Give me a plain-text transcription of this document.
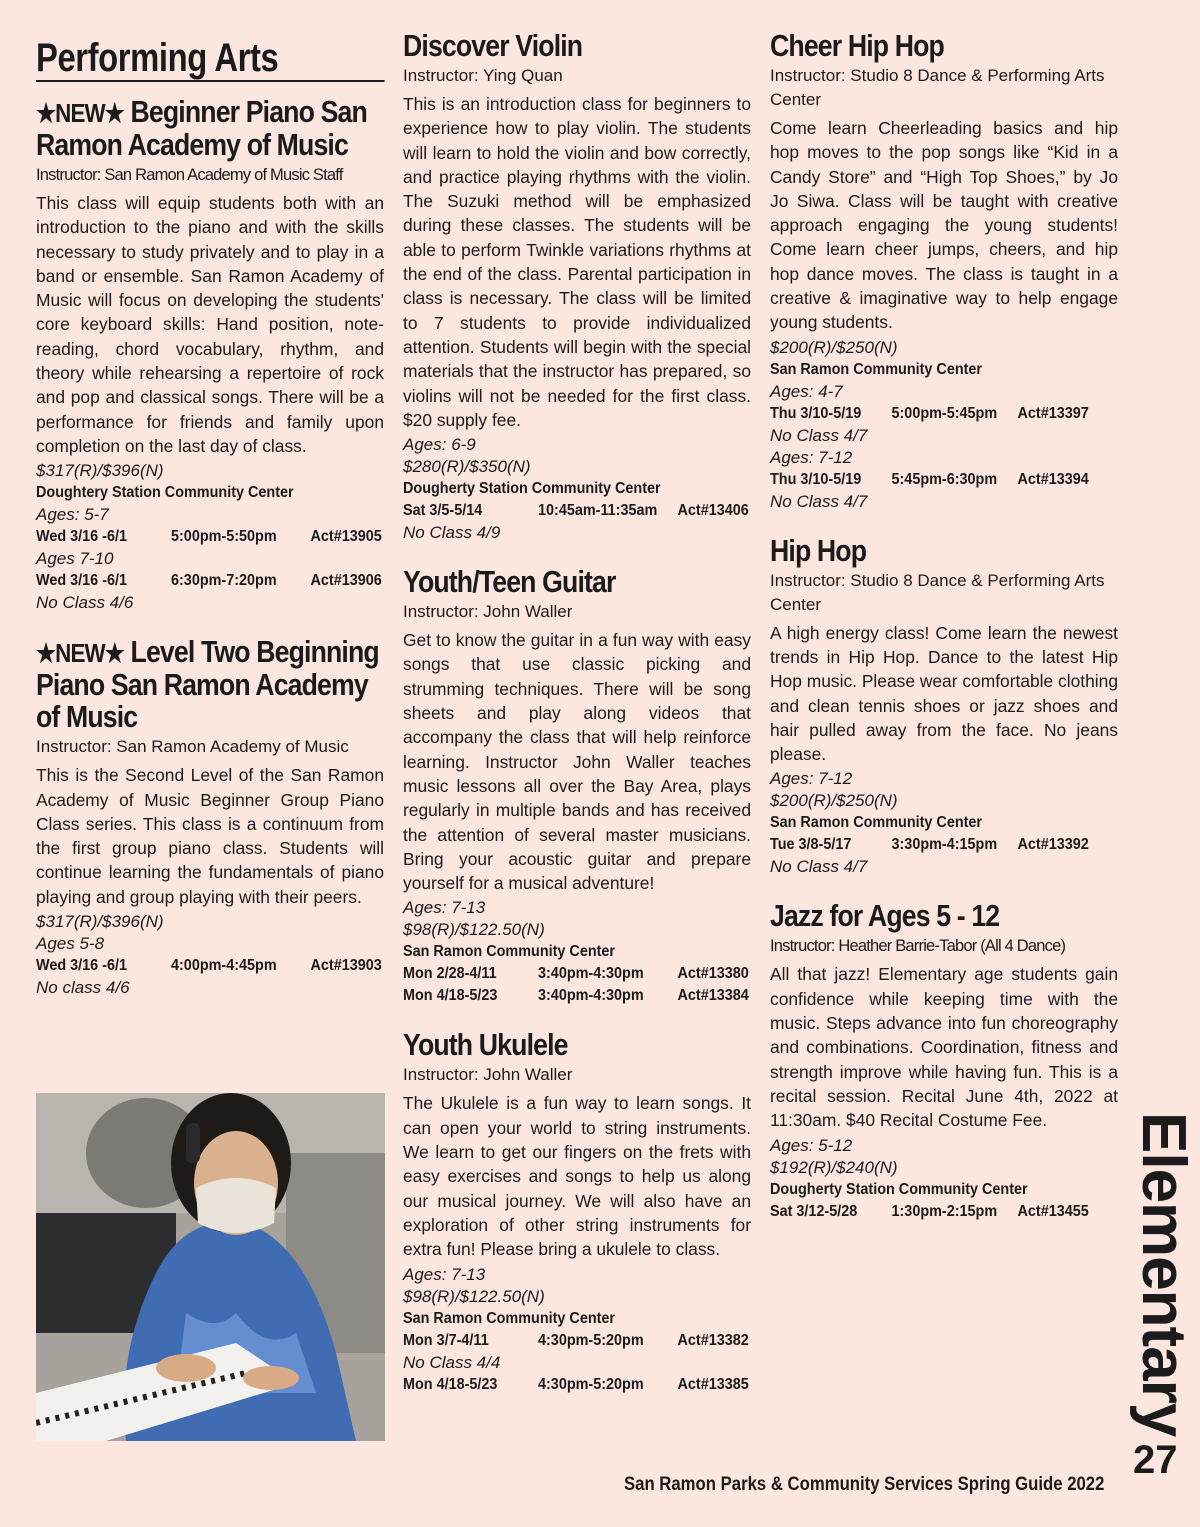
Performing Arts
★NEW★ Beginner Piano San Ramon Academy of Music
Instructor: San Ramon Academy of Music Staff
This class will equip students both with an introduction to the piano and with the skills necessary to study privately and to play in a band or ensemble. San Ramon Academy of Music will focus on developing the students' core keyboard skills: Hand position, note-reading, chord vocabulary, rhythm, and theory while rehearsing a repertoire of rock and pop and classical songs. There will be a performance for friends and family upon completion on the last day of class.
$317(R)/$396(N)
Doughtery Station Community Center
Ages: 5-7
Wed 3/16 -6/1	5:00pm-5:50pm	Act#13905
Ages 7-10
Wed 3/16 -6/1	6:30pm-7:20pm	Act#13906
No Class 4/6
★NEW★ Level Two Beginning Piano San Ramon Academy of Music
Instructor: San Ramon Academy of Music
This is the Second Level of the San Ramon Academy of Music Beginner Group Piano Class series. This class is a continuum from the first group piano class. Students will continue learning the fundamentals of piano playing and group playing with their peers.
$317(R)/$396(N)
Ages 5-8
Wed 3/16 -6/1	4:00pm-4:45pm	Act#13903
No class 4/6
Discover Violin
Instructor: Ying Quan
This is an introduction class for beginners to experience how to play violin. The students will learn to hold the violin and bow correctly, and practice playing rhythms with the violin. The Suzuki method will be emphasized during these classes. The students will be able to perform Twinkle variations rhythms at the end of the class. Parental participation in class is necessary. The class will be limited to 7 students to provide individualized attention. Students will begin with the special materials that the instructor has prepared, so violins will not be needed for the first class. $20 supply fee.
Ages: 6-9
$280(R)/$350(N)
Dougherty Station Community Center
Sat 3/5-5/14	10:45am-11:35am	Act#13406
No Class 4/9
Youth/Teen Guitar
Instructor: John Waller
Get to know the guitar in a fun way with easy songs that use classic picking and strumming techniques. There will be song sheets and play along videos that accompany the class that will help reinforce learning. Instructor John Waller teaches music lessons all over the Bay Area, plays regularly in multiple bands and has received the attention of several master musicians. Bring your acoustic guitar and prepare yourself for a musical adventure!
Ages: 7-13
$98(R)/$122.50(N)
San Ramon Community Center
Mon 2/28-4/11	3:40pm-4:30pm	Act#13380
Mon 4/18-5/23	3:40pm-4:30pm	Act#13384
Youth Ukulele
Instructor: John Waller
The Ukulele is a fun way to learn songs. It can open your world to string instruments. We learn to get our fingers on the frets with easy exercises and songs to help us along our musical journey. We will also have an exploration of other string instruments for extra fun! Please bring a ukulele to class.
Ages: 7-13
$98(R)/$122.50(N)
San Ramon Community Center
Mon 3/7-4/11	4:30pm-5:20pm	Act#13382
No Class 4/4
Mon 4/18-5/23	4:30pm-5:20pm	Act#13385
Cheer Hip Hop
Instructor: Studio 8 Dance & Performing Arts Center
Come learn Cheerleading basics and hip hop moves to the pop songs like “Kid in a Candy Store” and “High Top Shoes,” by Jo Jo Siwa. Class will be taught with creative approach engaging the young students! Come learn cheer jumps, cheers, and hip hop dance moves. The class is taught in a creative & imaginative way to help engage young students.
$200(R)/$250(N)
San Ramon Community Center
Ages: 4-7
Thu 3/10-5/19	5:00pm-5:45pm	Act#13397
No Class 4/7
Ages: 7-12
Thu 3/10-5/19	5:45pm-6:30pm	Act#13394
No Class 4/7
Hip Hop
Instructor: Studio 8 Dance & Performing Arts Center
A high energy class! Come learn the newest trends in Hip Hop. Dance to the latest Hip Hop music. Please wear comfortable clothing and clean tennis shoes or jazz shoes and hair pulled away from the face. No jeans please.
Ages: 7-12
$200(R)/$250(N)
San Ramon Community Center
Tue 3/8-5/17	3:30pm-4:15pm	Act#13392
No Class 4/7
Jazz for Ages 5 - 12
Instructor: Heather Barrie-Tabor (All 4 Dance)
All that jazz! Elementary age students gain confidence while keeping time with the music. Steps advance into fun choreography and combinations. Coordination, fitness and strength improve while having fun. This is a recital session. Recital June 4th, 2022 at 11:30am. $40 Recital Costume Fee.
Ages: 5-12
$192(R)/$240(N)
Dougherty Station Community Center
Sat 3/12-5/28	1:30pm-2:15pm	Act#13455 Elementary
27
San Ramon Parks & Community Services Spring Guide 2022
